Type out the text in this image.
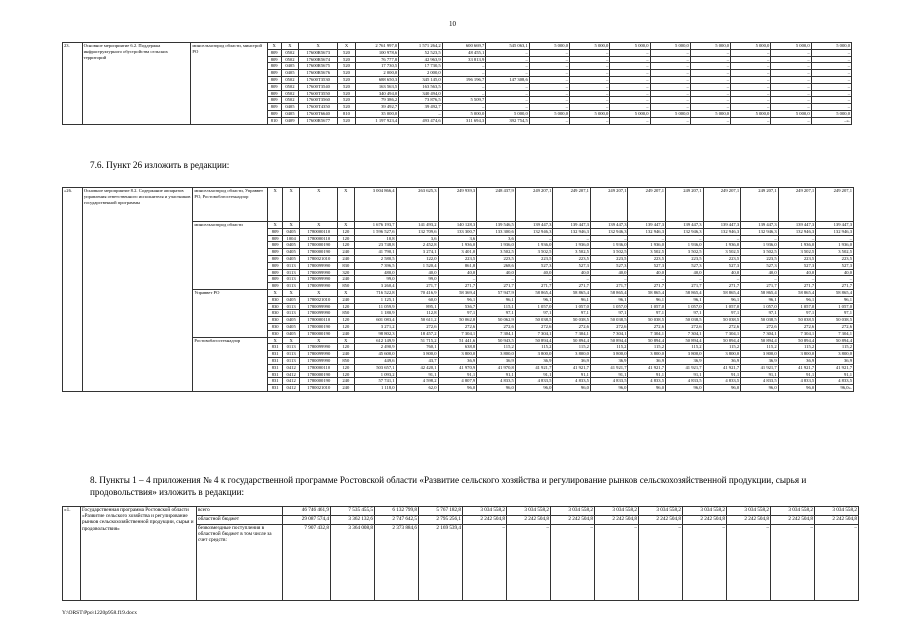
10
23.	Основное мероприятие 6.2. Поддержка инфраструктурного обустройства сельских территорий	минсельхозпрод области, минстрой РО	X	X	X	X	2 761 997,0	1 571 264,2	600 669,7	545 063,1	5 000,0	5 000,0	5 000,0	5 000,0	5 000,0	5 000,0	5 000,0	5 000,0
			809	0502	17600R5673	520	100 978,6	52 523,5	48 455,1	–	–	–	–	–	–	–	–	–
			809	0502	17600R5674	520	76 777,8	42 963,9	33 813,9	–	–	–	–	–	–	–	–	–
			809	0405	17600R5675	520	17 730,5	17 730,5	–	–	–	–	–	–	–	–	–	–
			809	0405	17600R5676	520	2 000,0	2 000,0	–	–	–	–	–	–	–	–	–	–
			809	0502	17600T3530	520	688 650,3	345 145,0	196 196,7	147 308,6	–	–	–	–	–	–	–	–
			809	0502	17600T3540	520	163 563,5	163 563,5	–	–	–	–	–	–	–	–	–	–
			809	0502	17600T3550	520	340 494,0	340 494,0	–	–	–	–	–	–	–	–	–	–
			809	0502	17600T3560	520	79 386,2	73 876,5	5 509,7	–	–	–	–	–	–	–	–	–
			809	0405	17600T4350	520	39 492,7	39 492,7	–	–	–	–	–	–	–	–	–	–
			809	0405	17600T6640	810	35 000,0	–	5 000,0	5 000,0	5 000,0	5 000,0	5 000,0	5 000,0	5 000,0	5 000,0	5 000,0	5 000,0
			810	0409	17600R5677	520	1 197 923,4	493 474,6	311 694,3	392 754,5	–	–	–	–	–	–	–	–».
7.6. Пункт 26 изложить в редакции:
«26.	Основное мероприятие 8.2. Содержание аппаратов управления ответственного исполнителя и участников государственной программы	минсельхозпрод области, Управвет РО, Ростовоблгостехнадзор	X	X	X	X	3 004 866,4	263 625,3	249 939,3	248 437,9	249 207,1	249 207,1	249 207,1	249 207,1	249 207,1	249 207,1	249 207,1	249 207,1	249 207,1
		минсельхозпрод области	X	X	X	X	1 676 193,7	141 493,2	140 128,3	139 546,5	139 447,3	139 447,3	139 447,3	139 447,3	139 447,3	139 447,3	139 447,3	139 447,3	139 447,3
			809	0405	1780000110	120	1 596 527,6	132 709,6	133 300,7	133 300,6	132 946,3	132 946,3	132 946,3	132 946,3	132 946,3	132 946,3	132 946,3	132 946,3	132 946,3
			809	1004	1780000110	120	10,8	3,6	3,6	3,6	–	–	–	–	–	–	–	–	–
			809	0405	1780000190	120	23 748,8	2 452,8	1 936,0	1 936,0	1 936,0	1 936,0	1 936,0	1 936,0	1 936,0	1 936,0	1 936,0	1 936,0	1 936,0
			809	0405	1780000190	240	41 790,1	3 274,1	3 401,0	3 502,5	3 502,5	3 502,5	3 502,5	3 502,5	3 502,5	3 502,5	3 502,5	3 502,5	3 502,5
			809	0405	1780021010	240	2 580,5	122,0	223,5	223,5	223,5	223,5	223,5	223,5	223,5	223,5	223,5	223,5	223,5
			809	0113	1780099990	830	7 396,5	1 520,4	861,8	268,6	527,3	527,3	527,3	527,3	527,3	527,3	527,3	527,3	527,3
			809	0113	1780099990	320	480,0	40,0	40,0	40,0	40,0	40,0	40,0	40,0	40,0	40,0	40,0	40,0	40,0
			809	0113	1780099990	240	99,0	99,0	–	–	–	–	–	–	–	–	–	–	–
			809	0113	1780099990	850	3 260,4	271,7	271,7	271,7	271,7	271,7	271,7	271,7	271,7	271,7	271,7	271,7	271,7
		Управвет РО	X	X	X	X	716 522,8	70 416,9	58 369,4	57 947,9	58 865,4	58 865,4	58 865,4	58 865,4	58 865,4	58 865,4	58 865,4	58 865,4	58 865,4
			830	0405	1780021010	240	1 125,1	60,0	96,1	96,1	96,1	96,1	96,1	96,1	96,1	96,1	96,1	96,1	96,1
			830	0113	1780099990	120	11 059,9	895,1	536,7	115,1	1 057,0	1 057,0	1 057,0	1 057,0	1 057,0	1 057,0	1 057,0	1 057,0	1 057,0
			830	0113	1780099990	850	1 180,9	112,8	97,1	97,1	97,1	97,1	97,1	97,1	97,1	97,1	97,1	97,1	97,1
			830	0405	1780000110	120	601 083,4	50 611,2	50 062,8	50 062,9	50 038,5	50 038,5	50 038,5	50 038,5	50 038,5	50 038,5	50 038,5	50 038,5	50 038,5
			830	0405	1780000190	120	3 271,2	272,6	272,6	272,6	272,6	272,6	272,6	272,6	272,6	272,6	272,6	272,6	272,6
			830	0405	1780000190	240	98 802,3	18 457,2	7 304,1	7 304,1	7 304,1	7 304,1	7 304,1	7 304,1	7 304,1	7 304,1	7 304,1	7 304,1	7 304,1
		Ростовоблгостехнадзор	X	X	X	X	612 149,9	51 715,2	51 441,6	50 943,5	50 894,4	50 894,4	50 894,4	50 894,4	50 894,4	50 894,4	50 894,4	50 894,4	50 894,4
			831	0113	1780099990	120	2 490,9	760,1	638,8	115,2	115,2	115,2	115,2	115,2	115,2	115,2	115,2	115,2	115,2
			831	0113	1780099990	240	45 600,0	3 800,0	3 800,0	3 800,0	3 800,0	3 800,0	3 800,0	3 800,0	3 800,0	3 800,0	3 800,0	3 800,0	3 800,0
			831	0113	1780099990	850	449,6	43,7	36,9	36,9	36,9	36,9	36,9	36,9	36,9	36,9	36,9	36,9	36,9
			831	0412	1780000110	120	503 657,1	42 420,1	41 970,9	41 970,8	41 921,7	41 921,7	41 921,7	41 921,7	41 921,7	41 921,7	41 921,7	41 921,7	41 921,7
			831	0412	1780000190	120	1 093,2	91,1	91,1	91,1	91,1	91,1	91,1	91,1	91,1	91,1	91,1	91,1	91,1
			831	0412	1780000190	240	57 741,1	4 598,2	4 807,9	4 833,5	4 833,5	4 833,5	4 833,5	4 833,5	4 833,5	4 833,5	4 833,5	4 833,5	4 833,5
			831	0412	1780021010	240	1 118,0	62,0	96,0	96,0	96,0	96,0	96,0	96,0	96,0	96,0	96,0	96,0	96,0».
8. Пункты 1 – 4 приложения № 4 к государственной программе Ростовской области «Развитие сельского хозяйства и регулирование рынков сельскохозяйственной продукции, сырья и продовольствия» изложить в редакции:
«1.	Государственная программа Ростовской области «Развитие сельского хозяйства и регулирование рынков сельскохозяйственной продукции, сырья и продовольствия»	всего	46 746 461,9	7 535 455,5	6 132 799,8	5 767 182,8	3 034 558,2	3 034 558,2	3 034 558,2	3 034 558,2	3 034 558,2	3 034 558,2	3 034 558,2	3 034 558,2	3 034 558,2
		областной бюджет	29 087 574,4	3 362 132,6	2 747 642,5	2 795 256,1	2 242 504,8	2 242 504,8	2 242 504,8	2 242 504,8	2 242 504,8	2 242 504,8	2 242 504,8	2 242 504,8	2 242 504,8
		безвозмездные поступления в областной бюджет в том числе за счет средств:	7 907 432,8	3 364 008,8	2 373 884,6	2 169 539,4	–	–	–	–	–	–	–	–	–
Y:\ORST\Ppo\1220p958.f19.docx
